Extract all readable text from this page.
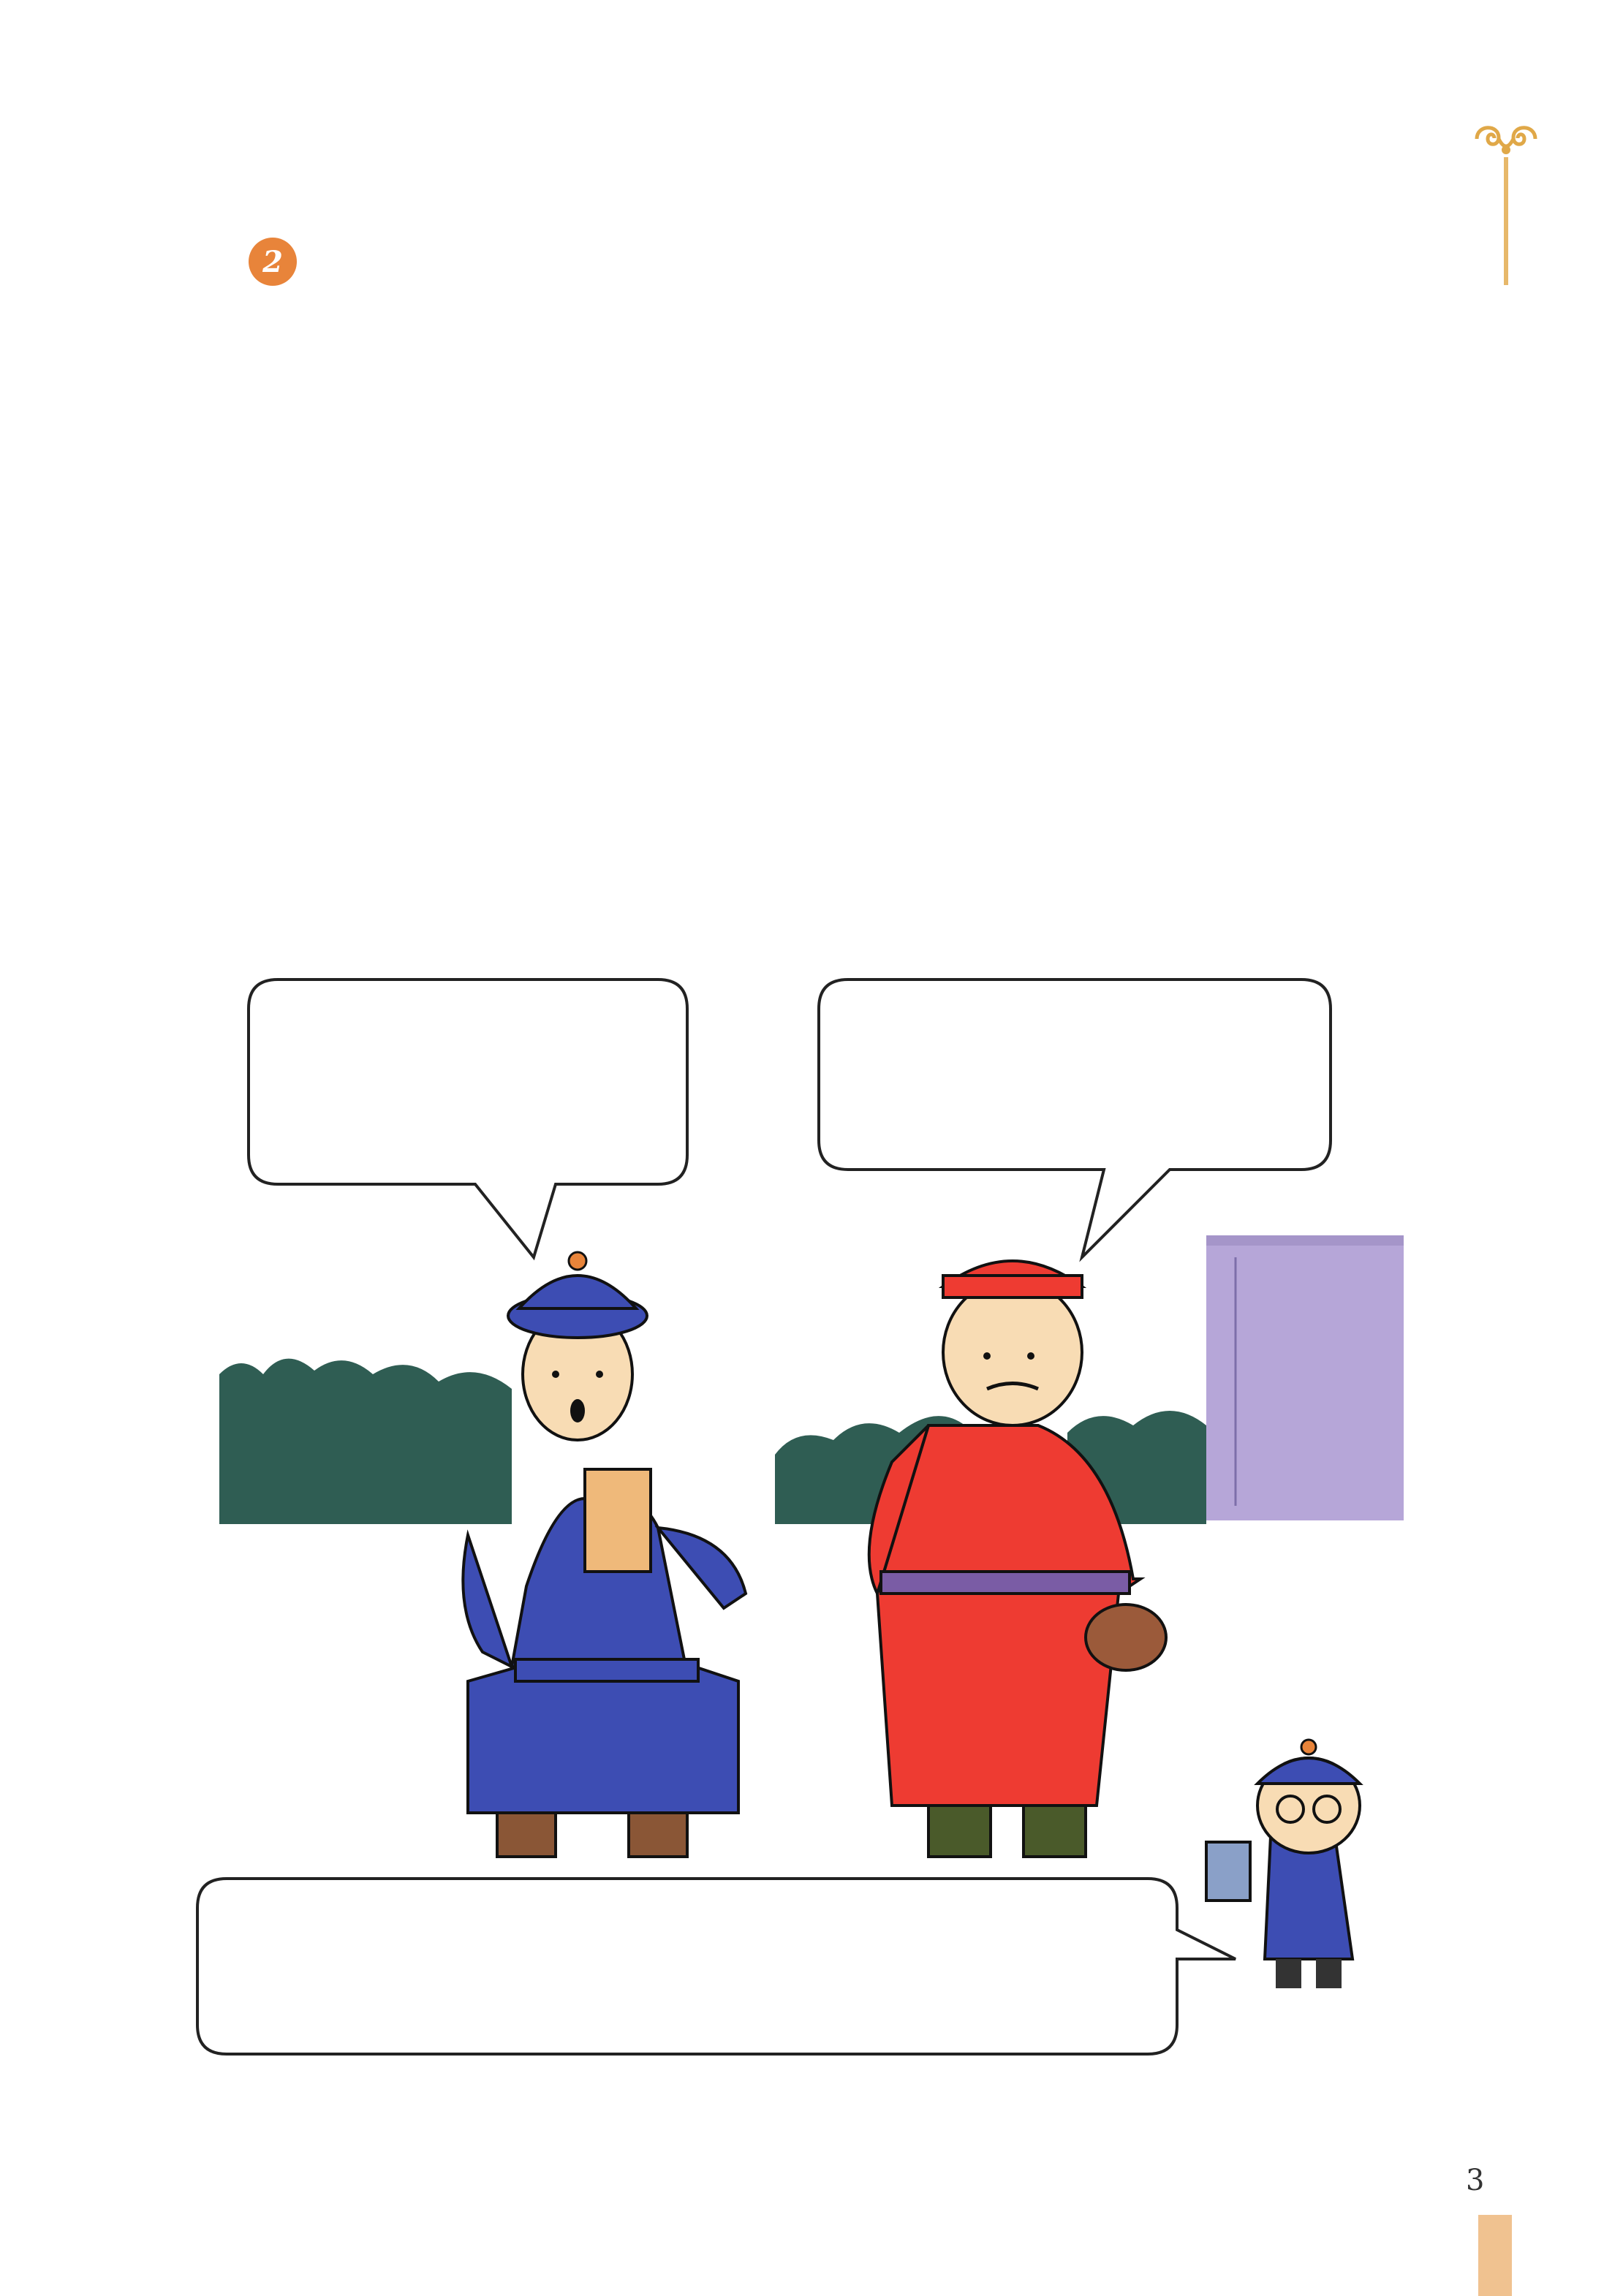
2
3
